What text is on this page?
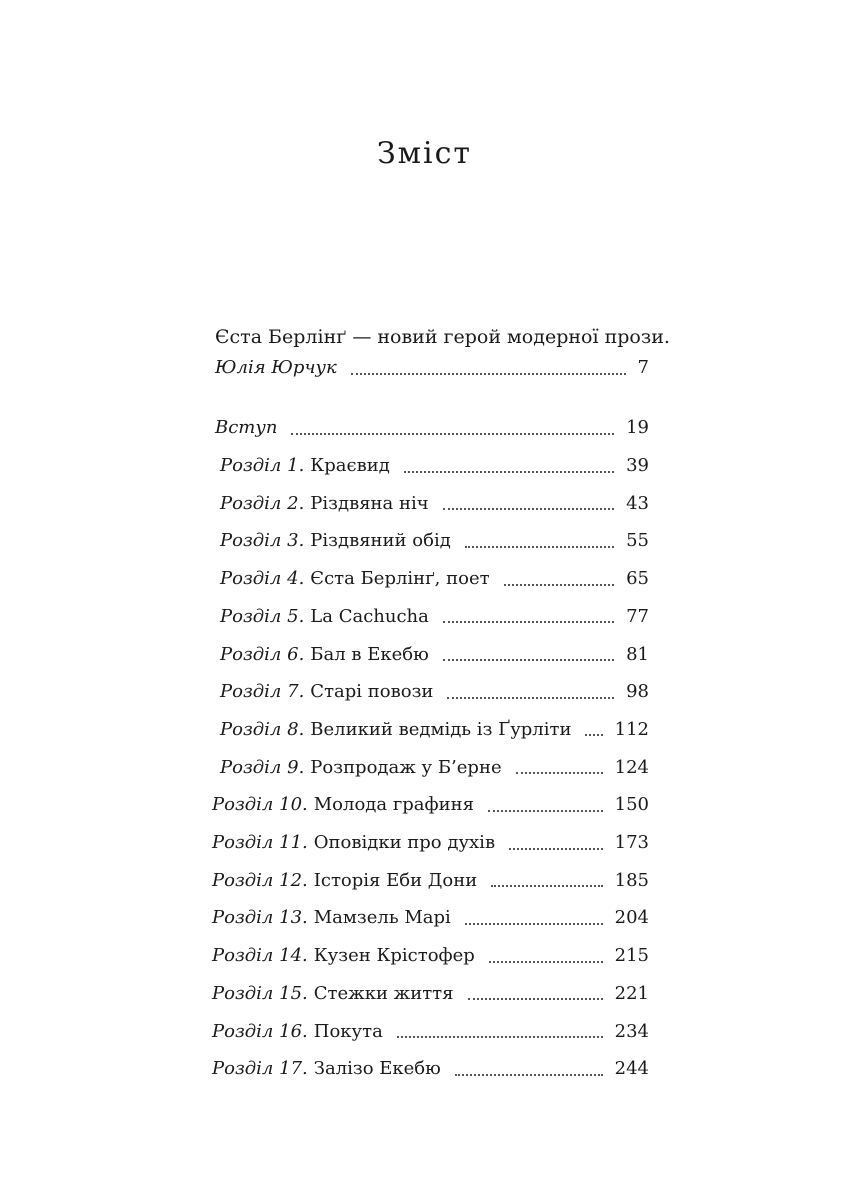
Зміст
Єста Берлінґ — новий герой модерної прози.
Юлія Юрчук	7
Вступ	19
Розділ 1. Краєвид	39
Розділ 2. Різдвяна ніч	43
Розділ 3. Різдвяний обід	55
Розділ 4. Єста Берлінґ, поет	65
Розділ 5. La Cachucha	77
Розділ 6. Бал в Екебю	81
Розділ 7. Старі повози	98
Розділ 8. Великий ведмідь із Ґурліти 112
Розділ 9. Розпродаж у Б’ерне	124
Розділ 10. Молода графиня	150
Розділ 11. Оповідки про духів	173
Розділ 12. Історія Еби Дони	185
Розділ 13. Мамзель Марі	204
Розділ 14. Кузен Крістофер	215
Розділ 15. Стежки життя	221
Розділ 16. Покута	234
Розділ 17. Залізо Екебю	244
